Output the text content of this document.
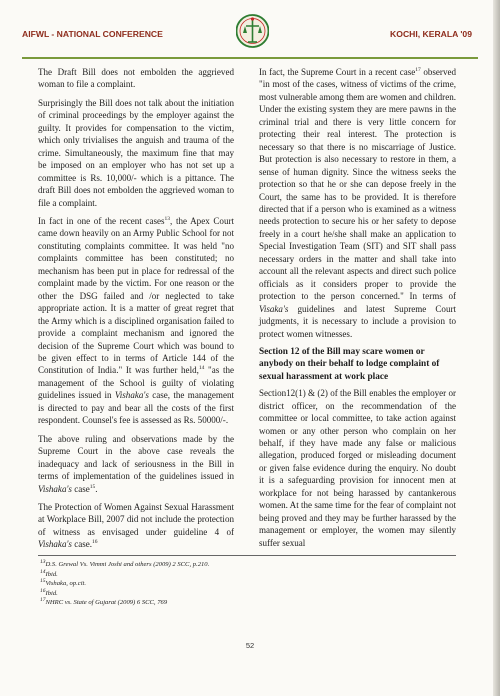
AIFWL - NATIONAL CONFERENCE	KOCHI, KERALA '09

The Draft Bill does not embolden the aggrieved woman to file a complaint.

Surprisingly the Bill does not talk about the initiation of criminal proceedings by the employer against the guilty. It provides for compensation to the victim, which only trivialises the anguish and trauma of the crime. Simultaneously, the maximum fine that may be imposed on an employer who has not set up a committee is Rs. 10,000/- which is a pittance. The draft Bill does not embolden the aggrieved woman to file a complaint.

In fact in one of the recent cases$^{13}$, the Apex Court came down heavily on an Army Public School for not constituting complaints committee. It was held "no complaints committee has been constituted; no mechanism has been put in place for redressal of the complaint made by the victim. For one reason or the other the DSG failed and /or neglected to take appropriate action. It is a matter of great regret that the Army which is a disciplined organisation failed to provide a complaint mechanism and ignored the decision of the Supreme Court which was bound to be given effect to in terms of Article 144 of the Constitution of India." It was further held,$^{14}$ "as the management of the School is guilty of violating guidelines issued in Vishaka's case, the management is directed to pay and bear all the costs of the first respondent. Counsel's fee is assessed as Rs. 50000/-.

The above ruling and observations made by the Supreme Court in the above case reveals the inadequacy and lack of seriousness in the Bill in terms of implementation of the guidelines issued in Vishaka's case$^{15}$.

The Protection of Women Against Sexual Harassment at Workplace Bill, 2007 did not include the protection of witness as envisaged under guideline 4 of Vishaka's case.$^{16}$

In fact, the Supreme Court in a recent case$^{17}$ observed "in most of the cases, witness of victims of the crime, most vulnerable among them are women and children. Under the existing system they are mere pawns in the criminal trial and there is very little concern for protecting their real interest. The protection is necessary so that there is no miscarriage of Justice. But protection is also necessary to restore in them, a sense of human dignity. Since the witness seeks the protection so that he or she can depose freely in the Court, the same has to be provided. It is therefore directed that if a person who is examined as a witness needs protection to secure his or her safety to depose freely in a court he/she shall make an application to Special Investigation Team (SIT) and SIT shall pass necessary orders in the matter and shall take into account all the relevant aspects and direct such police officials as it considers proper to provide the protection to the person concerned." In terms of Visaka's guidelines and latest Supreme Court judgments, it is necessary to include a provision to protect women witnesses.

Section 12 of the Bill may scare women or anybody on their behalf to lodge complaint of sexual harassment at work place

Section12(1) & (2) of the Bill enables the employer or district officer, on the recommendation of the committee or local committee, to take action against women or any other person who complain on her behalf, if they have made any false or malicious allegation, produced forged or misleading document or given false evidence during the enquiry. No doubt it is a safeguarding provision for innocent men at workplace for not being harassed by cantankerous women. At the same time for the fear of complaint not being proved and they may be further harassed by the management or employer, the women may silently suffer sexual

$^{13}$D.S. Grewal Vs. Vimmi Joshi and others (2009) 2 SCC, p.210.
$^{14}$Ibid.
$^{15}$Vishaka, op.cit.
$^{16}$Ibid.
$^{17}$NHRC vs. State of Gujarat (2009) 6 SCC, 769
52
